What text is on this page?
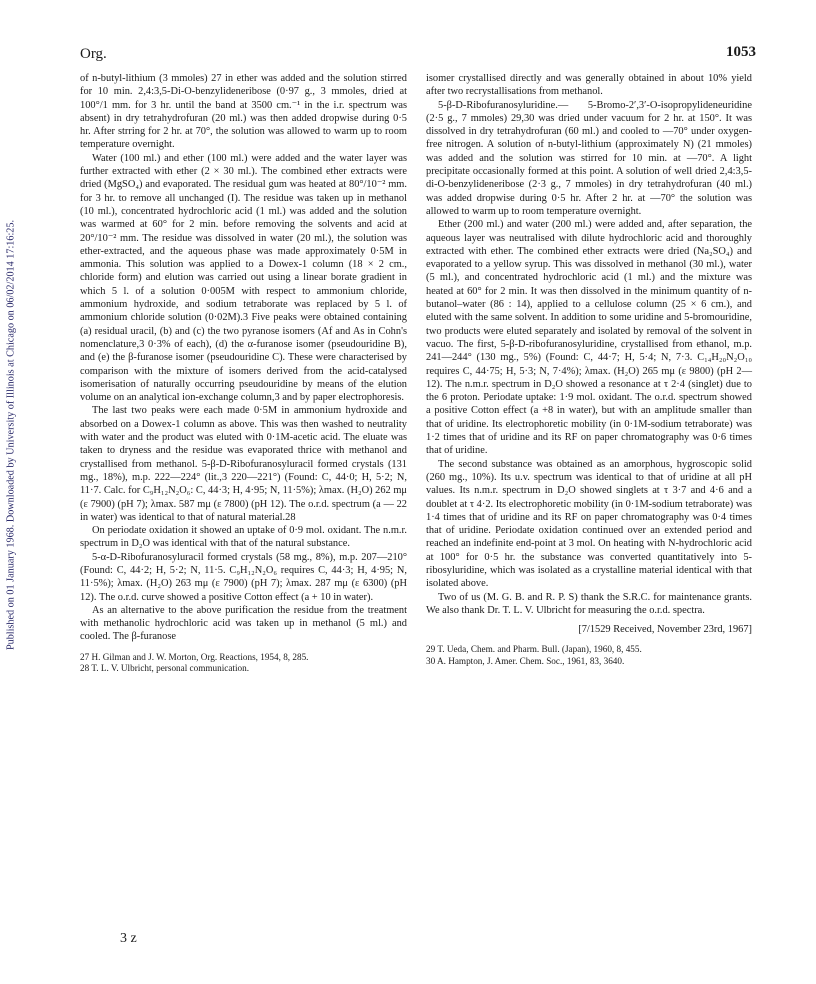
Published on 01 January 1968. Downloaded by University of Illinois at Chicago on 06/02/2014 17:16:25.
Org.	1053

of n-butyl-lithium (3 mmoles) 27 in ether was added and the solution stirred for 10 min. 2,4:3,5-Di-O-benzylideneribose (0·97 g., 3 mmoles, dried at 100°/1 mm. for 3 hr. until the band at 3500 cm.⁻¹ in the i.r. spectrum was absent) in dry tetrahydrofuran (20 ml.) was then added dropwise during 0·5 hr. After strring for 2 hr. at 70°, the solution was allowed to warm up to room temperature overnight.

Water (100 ml.) and ether (100 ml.) were added and the water layer was further extracted with ether (2 × 30 ml.). The combined ether extracts were dried (MgSO₄) and evaporated. The residual gum was heated at 80°/10⁻² mm. for 3 hr. to remove all unchanged (I). The residue was taken up in methanol (10 ml.), concentrated hydrochloric acid (1 ml.) was added and the solution was warmed at 60° for 2 min. before removing the solvents and acid at 20°/10⁻² mm. The residue was dissolved in water (20 ml.), the solution was ether-extracted, and the aqueous phase was made approximately 0·5M in ammonia. This solution was applied to a Dowex-1 column (18 × 2 cm., chloride form) and elution was carried out using a linear borate gradient in which 5 l. of a solution 0·005M with respect to ammonium chloride, ammonium hydroxide, and sodium tetraborate was replaced by 5 l. of ammonium chloride solution (0·02M).3 Five peaks were obtained containing (a) residual uracil, (b) and (c) the two pyranose isomers (Af and As in Cohn's nomenclature,3 0·3% of each), (d) the α-furanose isomer (pseudouridine B), and (e) the β-furanose isomer (pseudouridine C). These were characterised by comparison with the mixture of isomers derived from the acid-catalysed isomerisation of naturally occurring pseudouridine by means of the elution volume on an analytical ion-exchange column,3 and by paper electrophoresis.

The last two peaks were each made 0·5M in ammonium hydroxide and absorbed on a Dowex-1 column as above. This was then washed to neutrality with water and the product was eluted with 0·1M-acetic acid. The eluate was taken to dryness and the residue was evaporated thrice with methanol and crystallised from methanol. 5-β-D-Ribofuranosyluracil formed crystals (131 mg., 18%), m.p. 222—224° (lit.,3 220—221°) (Found: C, 44·0; H, 5·2; N, 11·7. Calc. for C₉H₁₂N₂O₆: C, 44·3; H, 4·95; N, 11·5%); λmax. (H₂O) 262 mμ (ε 7900) (pH 7); λmax. 587 mμ (ε 7800) (pH 12). The o.r.d. spectrum (a — 22 in water) was identical to that of natural material.28

On periodate oxidation it showed an uptake of 0·9 mol. oxidant. The n.m.r. spectrum in D₂O was identical with that of the natural substance.

5-α-D-Ribofuranosyluracil formed crystals (58 mg., 8%), m.p. 207—210° (Found: C, 44·2; H, 5·2; N, 11·5. C₉H₁₂N₂O₆ requires C, 44·3; H, 4·95; N, 11·5%); λmax. (H₂O) 263 mμ (ε 7900) (pH 7); λmax. 287 mμ (ε 6300) (pH 12). The o.r.d. curve showed a positive Cotton effect (a + 10 in water).

As an alternative to the above purification the residue from the treatment with methanolic hydrochloric acid was taken up in methanol (5 ml.) and cooled. The β-furanose

27 H. Gilman and J. W. Morton, Org. Reactions, 1954, 8, 285.
28 T. L. V. Ulbricht, personal communication.

isomer crystallised directly and was generally obtained in about 10% yield after two recrystallisations from methanol.

5-β-D-Ribofuranosyluridine.— 5-Bromo-2′,3′-O-isopropylideneuridine (2·5 g., 7 mmoles) 29,30 was dried under vacuum for 2 hr. at 150°. It was dissolved in dry tetrahydrofuran (60 ml.) and cooled to —70° under oxygen-free nitrogen. A solution of n-butyl-lithium (approximately N) (21 mmoles) was added and the solution was stirred for 10 min. at —70°. A light precipitate occasionally formed at this point. A solution of well dried 2,4:3,5-di-O-benzylideneribose (2·3 g., 7 mmoles) in dry tetrahydrofuran (40 ml.) was added dropwise during 0·5 hr. After 2 hr. at —70° the solution was allowed to warm up to room temperature overnight.

Ether (200 ml.) and water (200 ml.) were added and, after separation, the aqueous layer was neutralised with dilute hydrochloric acid and thoroughly extracted with ether. The combined ether extracts were dried (Na₂SO₄) and evaporated to a yellow syrup. This was dissolved in methanol (30 ml.), water (5 ml.), and concentrated hydrochloric acid (1 ml.) and the mixture was heated at 60° for 2 min. It was then dissolved in the minimum quantity of n-butanol–water (86 : 14), applied to a cellulose column (25 × 6 cm.), and eluted with the same solvent. In addition to some uridine and 5-bromouridine, two products were eluted separately and isolated by removal of the solvent in vacuo. The first, 5-β-D-ribofuranosyluridine, crystallised from ethanol, m.p. 241—244° (130 mg., 5%) (Found: C, 44·7; H, 5·4; N, 7·3. C₁₄H₂₀N₂O₁₀ requires C, 44·75; H, 5·3; N, 7·4%); λmax. (H₂O) 265 mμ (ε 9800) (pH 2—12). The n.m.r. spectrum in D₂O showed a resonance at τ 2·4 (singlet) due to the 6 proton. Periodate uptake: 1·9 mol. oxidant. The o.r.d. spectrum showed a positive Cotton effect (a +8 in water), but with an amplitude smaller than that of uridine. Its electrophoretic mobility (in 0·1M-sodium tetraborate) was 1·2 times that of uridine and its RF on paper chromatography was 0·6 times that of uridine.

The second substance was obtained as an amorphous, hygroscopic solid (260 mg., 10%). Its u.v. spectrum was identical to that of uridine at all pH values. Its n.m.r. spectrum in D₂O showed singlets at τ 3·7 and 4·6 and a doublet at τ 4·2. Its electrophoretic mobility (in 0·1M-sodium tetraborate) was 1·4 times that of uridine and its RF on paper chromatography was 0·4 times that of uridine. Periodate oxidation continued over an extended period and reached an indefinite end-point at 3 mol. On heating with N-hydrochloric acid at 100° for 0·5 hr. the substance was converted quantitatively into 5-ribosyluridine, which was isolated as a crystalline material identical with that isolated above.

Two of us (M. G. B. and R. P. S) thank the S.R.C. for maintenance grants. We also thank Dr. T. L. V. Ulbricht for measuring the o.r.d. spectra.

[7/1529 Received, November 23rd, 1967]
29 T. Ueda, Chem. and Pharm. Bull. (Japan), 1960, 8, 455.
30 A. Hampton, J. Amer. Chem. Soc., 1961, 83, 3640.
3 z
